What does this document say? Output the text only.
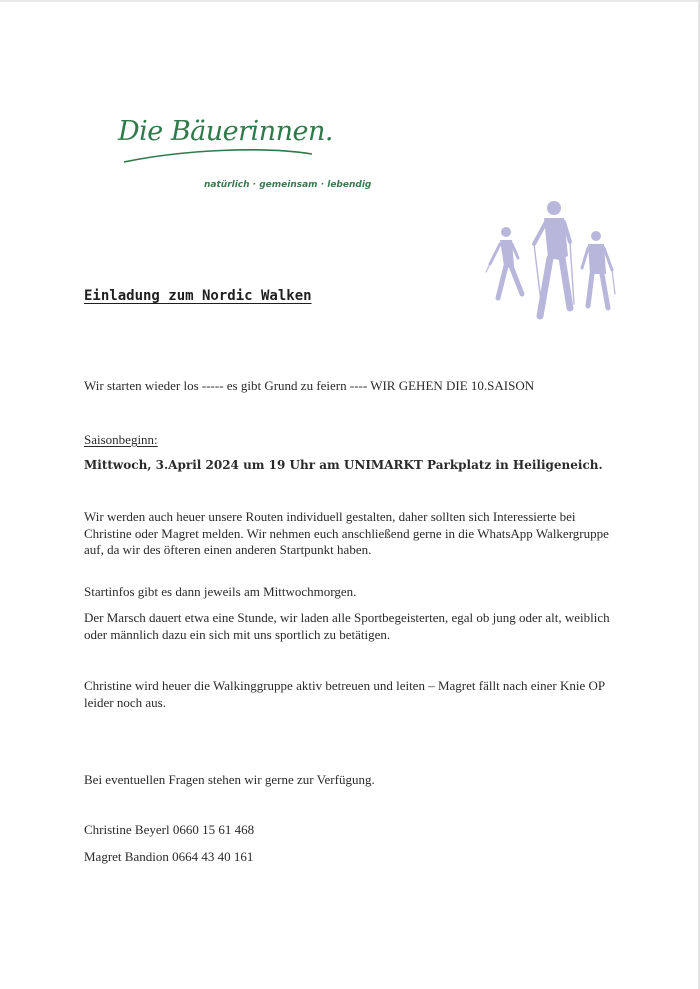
Die Bäuerinnen.
natürlich · gemeinsam · lebendig
Einladung zum Nordic Walken
Wir starten wieder los ----- es gibt Grund zu feiern ---- WIR GEHEN DIE 10.SAISON
Saisonbeginn:
Mittwoch, 3.April 2024 um 19 Uhr am UNIMARKT Parkplatz in Heiligeneich.
Wir werden auch heuer unsere Routen individuell gestalten, daher sollten sich Interessierte bei Christine oder Magret melden. Wir nehmen euch anschließend gerne in die WhatsApp Walkergruppe auf, da wir des öfteren einen anderen Startpunkt haben.
Startinfos gibt es dann jeweils am Mittwochmorgen.
Der Marsch dauert etwa eine Stunde, wir laden alle Sportbegeisterten, egal ob jung oder alt, weiblich oder männlich dazu ein sich mit uns sportlich zu betätigen.
Christine wird heuer die Walkinggruppe aktiv betreuen und leiten – Magret fällt nach einer Knie OP leider noch aus.
Bei eventuellen Fragen stehen wir gerne zur Verfügung.
Christine Beyerl 0660 15 61 468
Magret Bandion 0664 43 40 161
